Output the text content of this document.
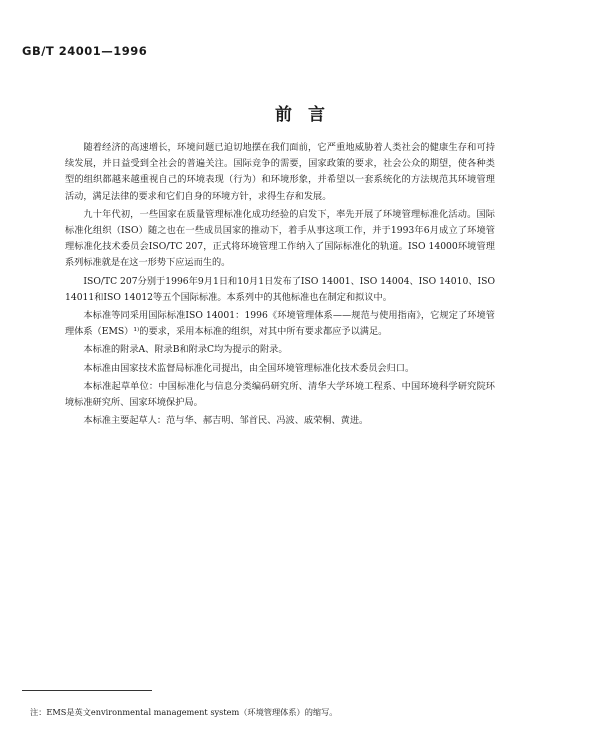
GB/T 24001—1996
前言

随着经济的高速增长，环境问题已迫切地摆在我们面前，它严重地威胁着人类社会的健康生存和可持续发展，并日益受到全社会的普遍关注。国际竞争的需要，国家政策的要求，社会公众的期望，使各种类型的组织都越来越重视自己的环境表现（行为）和环境形象，并希望以一套系统化的方法规范其环境管理活动，满足法律的要求和它们自身的环境方针，求得生存和发展。

九十年代初，一些国家在质量管理标准化成功经验的启发下，率先开展了环境管理标准化活动。国际标准化组织（ISO）随之也在一些成员国家的推动下，着手从事这项工作，并于1993年6月成立了环境管理标准化技术委员会ISO/TC 207，正式将环境管理工作纳入了国际标准化的轨道。ISO 14000环境管理系列标准就是在这一形势下应运而生的。

ISO/TC 207分别于1996年9月1日和10月1日发布了ISO 14001、ISO 14004、ISO 14010、ISO 14011和ISO 14012等五个国际标准。本系列中的其他标准也在制定和拟议中。

本标准等同采用国际标准ISO 14001：1996《环境管理体系——规范与使用指南》，它规定了环境管理体系（EMS）¹⁾的要求，采用本标准的组织，对其中所有要求都应予以满足。

本标准的附录A、附录B和附录C均为提示的附录。

本标准由国家技术监督局标准化司提出，由全国环境管理标准化技术委员会归口。

本标准起草单位：中国标准化与信息分类编码研究所、清华大学环境工程系、中国环境科学研究院环境标准研究所、国家环境保护局。

本标准主要起草人：范与华、郝吉明、邹首民、冯波、戚荣桐、黄进。

注：EMS是英文environmental management system（环境管理体系）的缩写。
